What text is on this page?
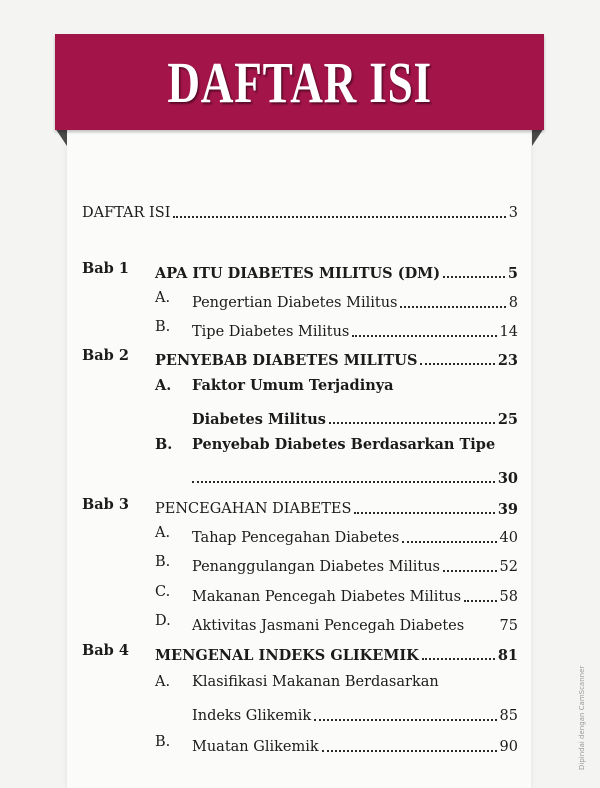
DAFTAR ISI
DAFTAR ISI	3
Bab 1 APA ITU DIABETES MILITUS (DM)	5
A. Pengertian Diabetes Militus	8
B. Tipe Diabetes Militus	14
Bab 2 PENYEBAB DIABETES MILITUS	23
A. Faktor Umum Terjadinya
Diabetes Militus	25
B. Penyebab Diabetes Berdasarkan Tipe
30
Bab 3 PENCEGAHAN DIABETES	39
A. Tahap Pencegahan Diabetes	40
B. Penanggulangan Diabetes Militus	52
C. Makanan Pencegah Diabetes Militus	58
D. Aktivitas Jasmani Pencegah Diabetes 75
Bab 4 MENGENAL INDEKS GLIKEMIK	81
A. Klasifikasi Makanan Berdasarkan
Indeks Glikemik	85
B. Muatan Glikemik	90	Dipindai dengan CamScanner
